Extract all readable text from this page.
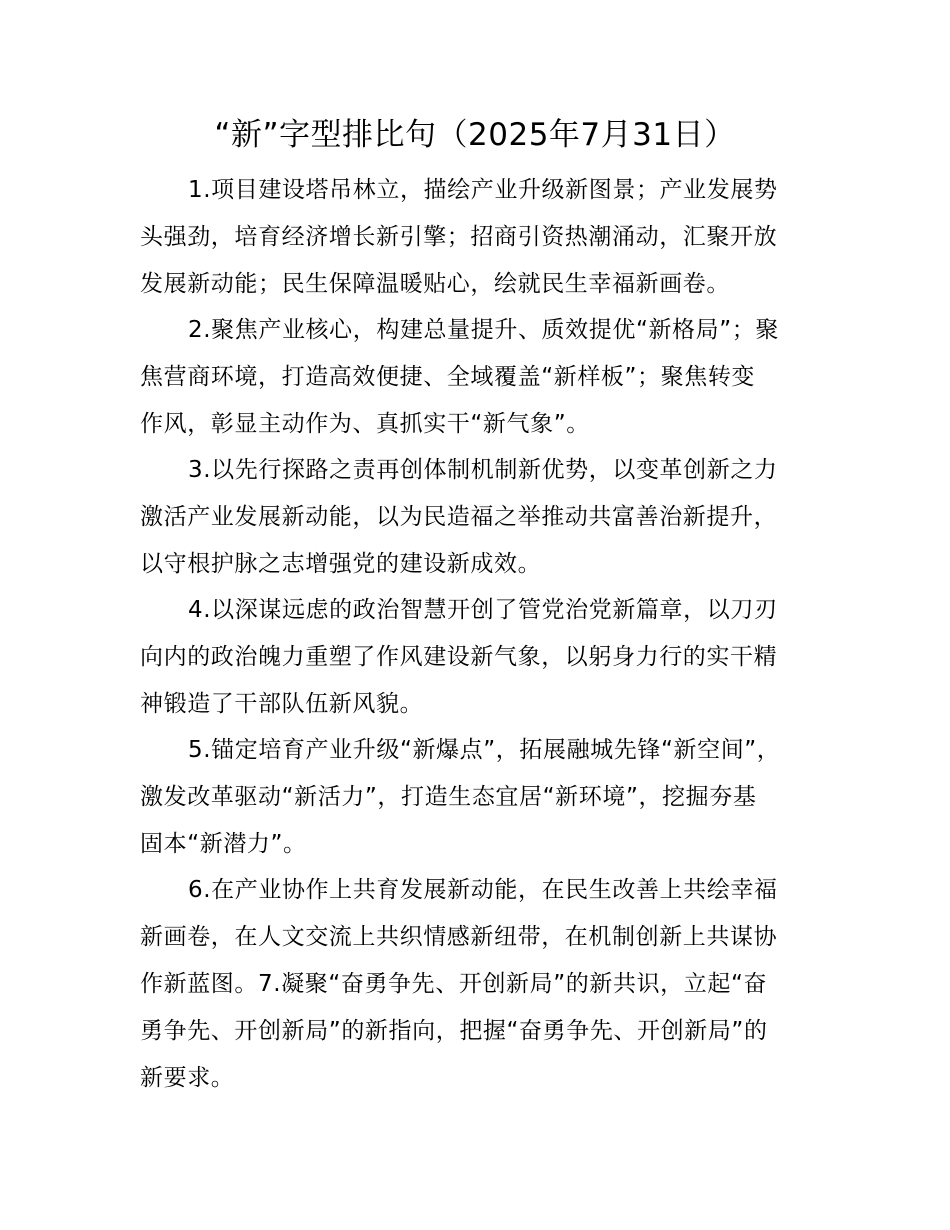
“新”字型排比句（2025年7月31日）
1.项目建设塔吊林立，描绘产业升级新图景；产业发展势
头强劲，培育经济增长新引擎；招商引资热潮涌动，汇聚开放
发展新动能；民生保障温暖贴心，绘就民生幸福新画卷。
2.聚焦产业核心，构建总量提升、质效提优“新格局”；聚
焦营商环境，打造高效便捷、全域覆盖“新样板”；聚焦转变
作风，彰显主动作为、真抓实干“新气象”。
3.以先行探路之责再创体制机制新优势，以变革创新之力
激活产业发展新动能，以为民造福之举推动共富善治新提升，
以守根护脉之志增强党的建设新成效。
4.以深谋远虑的政治智慧开创了管党治党新篇章，以刀刃
向内的政治魄力重塑了作风建设新气象，以躬身力行的实干精
神锻造了干部队伍新风貌。
5.锚定培育产业升级“新爆点”，拓展融城先锋“新空间”，
激发改革驱动“新活力”，打造生态宜居“新环境”，挖掘夯基
固本“新潜力”。
6.在产业协作上共育发展新动能，在民生改善上共绘幸福
新画卷，在人文交流上共织情感新纽带，在机制创新上共谋协
作新蓝图。7.凝聚“奋勇争先、开创新局”的新共识，立起“奋
勇争先、开创新局”的新指向，把握“奋勇争先、开创新局”的
新要求。
